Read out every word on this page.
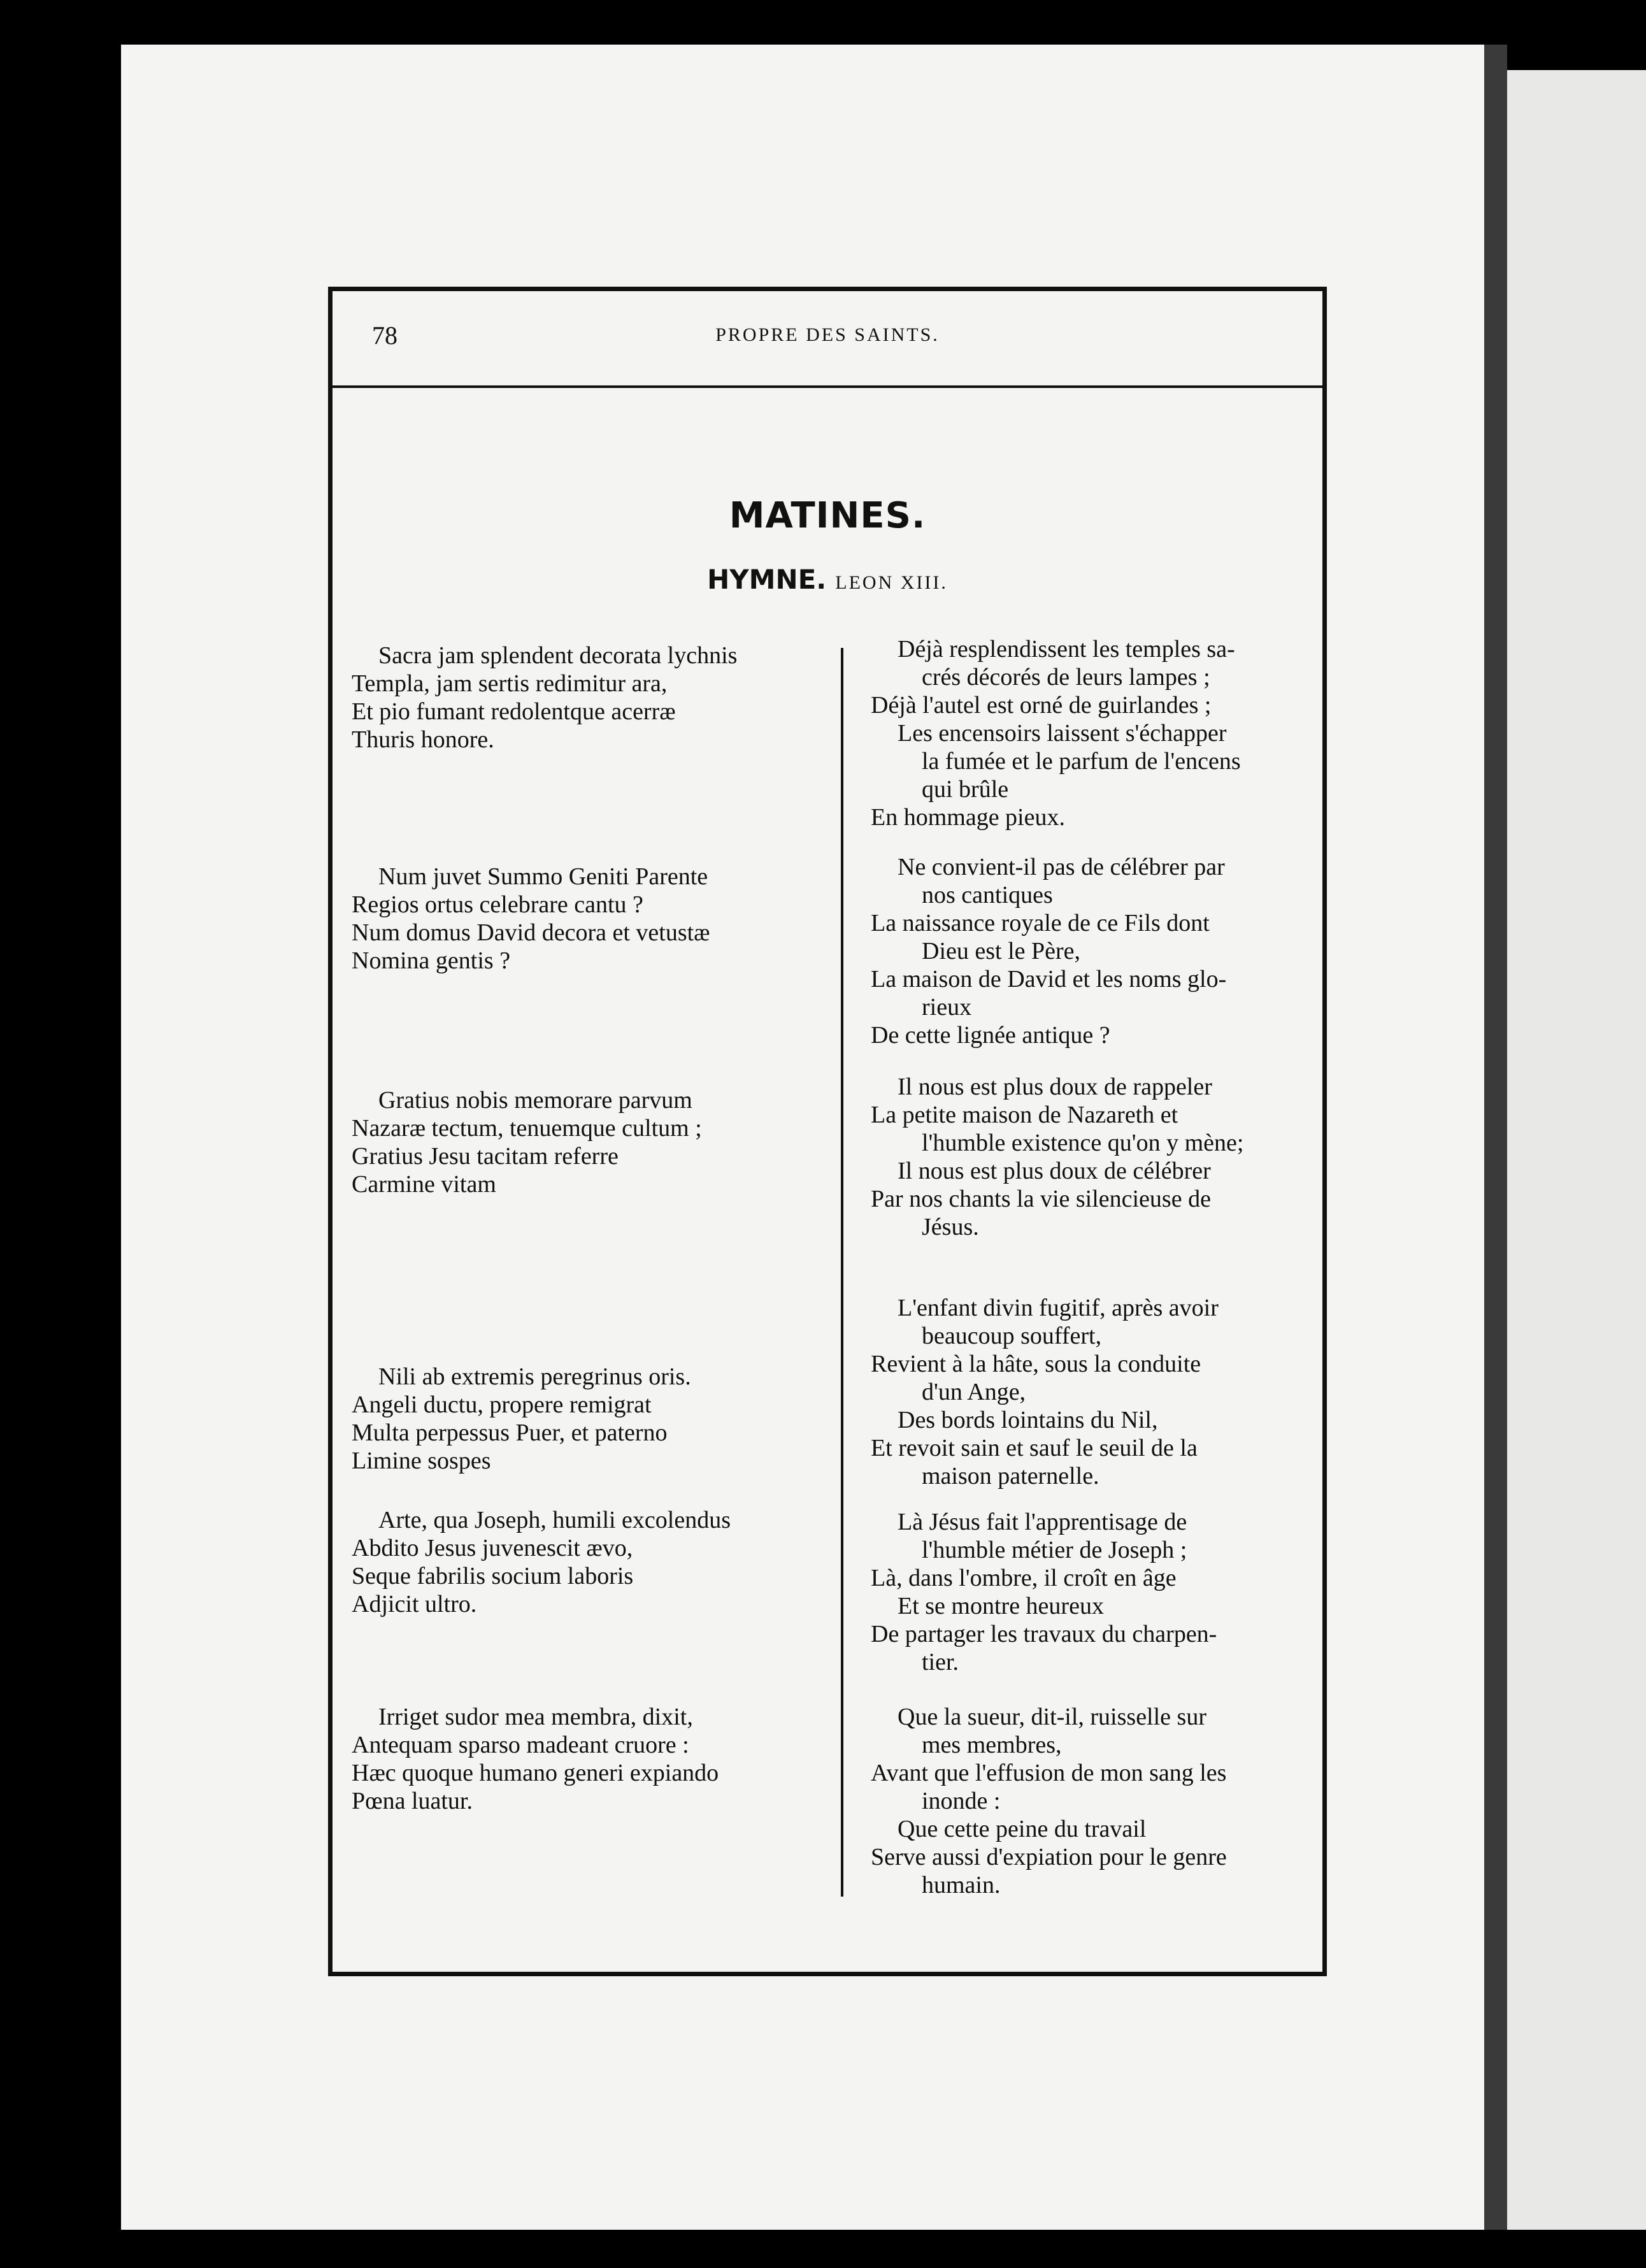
78	PROPRE DES SAINTS.
MATINES.
HYMNE. LEON XIII.
Sacra jam splendent decorata lychnis
Templa, jam sertis redimitur ara,
Et pio fumant redolentque acerræ
Thuris honore.
Num juvet Summo Geniti Parente
Regios ortus celebrare cantu ?
Num domus David decora et vetustæ
Nomina gentis ?
Gratius nobis memorare parvum
Nazaræ tectum, tenuemque cultum ;
Gratius Jesu tacitam referre
Carmine vitam
Nili ab extremis peregrinus oris.
Angeli ductu, propere remigrat
Multa perpessus Puer, et paterno
Limine sospes
Arte, qua Joseph, humili excolendus
Abdito Jesus juvenescit ævo,
Seque fabrilis socium laboris
Adjicit ultro.
Irriget sudor mea membra, dixit,
Antequam sparso madeant cruore :
Hæc quoque humano generi expiando
Pœna luatur.
Déjà resplendissent les temples sa-
crés décorés de leurs lampes ;
Déjà l'autel est orné de guirlandes ;
Les encensoirs laissent s'échapper
la fumée et le parfum de l'encens
qui brûle
En hommage pieux.
Ne convient-il pas de célébrer par
nos cantiques
La naissance royale de ce Fils dont
Dieu est le Père,
La maison de David et les noms glo-
rieux
De cette lignée antique ?
Il nous est plus doux de rappeler
La petite maison de Nazareth et
l'humble existence qu'on y mène;
Il nous est plus doux de célébrer
Par nos chants la vie silencieuse de
Jésus.
L'enfant divin fugitif, après avoir
beaucoup souffert,
Revient à la hâte, sous la conduite
d'un Ange,
Des bords lointains du Nil,
Et revoit sain et sauf le seuil de la
maison paternelle.
Là Jésus fait l'apprentisage de
l'humble métier de Joseph ;
Là, dans l'ombre, il croît en âge
Et se montre heureux
De partager les travaux du charpen-
tier.
Que la sueur, dit-il, ruisselle sur
mes membres,
Avant que l'effusion de mon sang les
inonde :
Que cette peine du travail
Serve aussi d'expiation pour le genre
humain.
